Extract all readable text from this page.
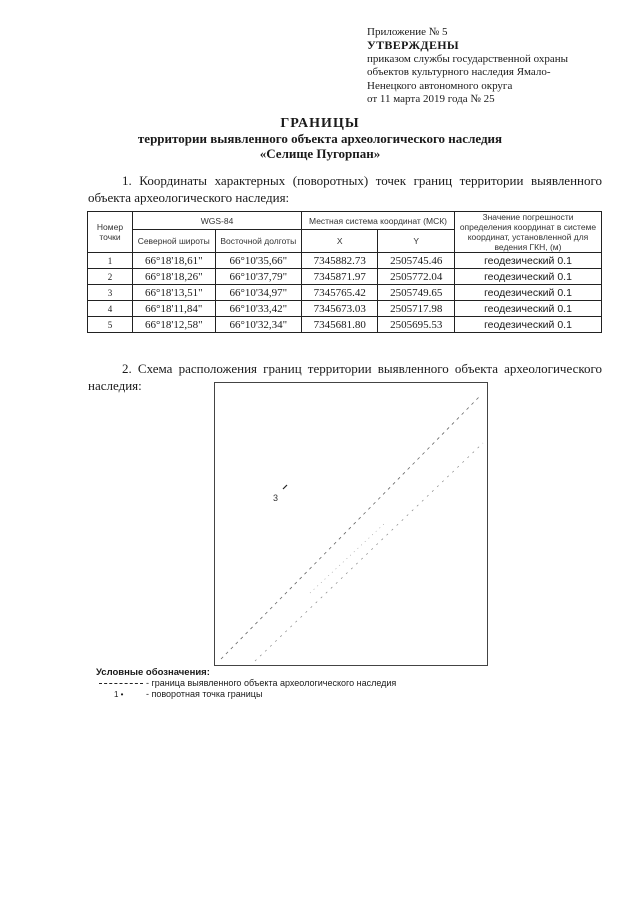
Приложение № 5
УТВЕРЖДЕНЫ
приказом службы государственной охраны
объектов культурного наследия Ямало-
Ненецкого автономного округа
от 11 марта 2019 года № 25
ГРАНИЦЫ
территории выявленного объекта археологического наследия
«Селище Пугорпан»
1. Координаты характерных (поворотных) точек границ территории выявленного объекта археологического наследия:
Номер точки	WGS-84		Местная система координат (МСК)		Значение погрешности определения координат в системе координат, установленной для ведения ГКН, (м)
	Северной широты	Восточной долготы	X	Y	
1	66°18'18,61"	66°10'35,66"	7345882.73	2505745.46	геодезический 0.1
2	66°18'18,26"	66°10'37,79"	7345871.97	2505772.04	геодезический 0.1
3	66°18'13,51"	66°10'34,97"	7345765.42	2505749.65	геодезический 0.1
4	66°18'11,84"	66°10'33,42"	7345673.03	2505717.98	геодезический 0.1
5	66°18'12,58"	66°10'32,34"	7345681.80	2505695.53	геодезический 0.1
2. Схема расположения границ территории выявленного объекта археологического наследия:
3
Условные обозначения:
- граница выявленного объекта археологического наследия
1 •	- поворотная точка границы
